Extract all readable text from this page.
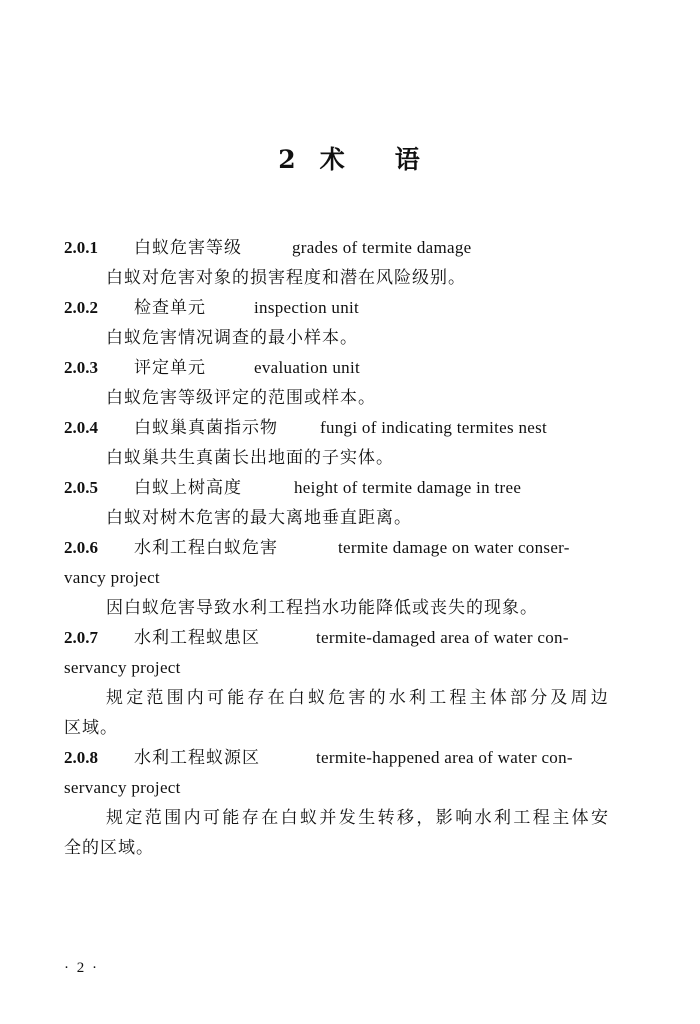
2 术 语
2.0.1 白蚁危害等级	grades of termite damage
白蚁对危害对象的损害程度和潜在风险级别。
2.0.2 检查单元	inspection unit
白蚁危害情况调查的最小样本。
2.0.3 评定单元	evaluation unit
白蚁危害等级评定的范围或样本。
2.0.4 白蚁巢真菌指示物 fungi of indicating termites nest
白蚁巢共生真菌长出地面的子实体。
2.0.5 白蚁上树高度	height of termite damage in tree
白蚁对树木危害的最大离地垂直距离。
2.0.6 水利工程白蚁危害	termite damage on water conser-
vancy project
因白蚁危害导致水利工程挡水功能降低或丧失的现象。
2.0.7 水利工程蚁患区	termite-damaged area of water con-
servancy project
规定范围内可能存在白蚁危害的水利工程主体部分及周边
区域。
2.0.8 水利工程蚁源区	termite-happened area of water con-
servancy project
规定范围内可能存在白蚁并发生转移，影响水利工程主体安
全的区域。
· 2 ·
